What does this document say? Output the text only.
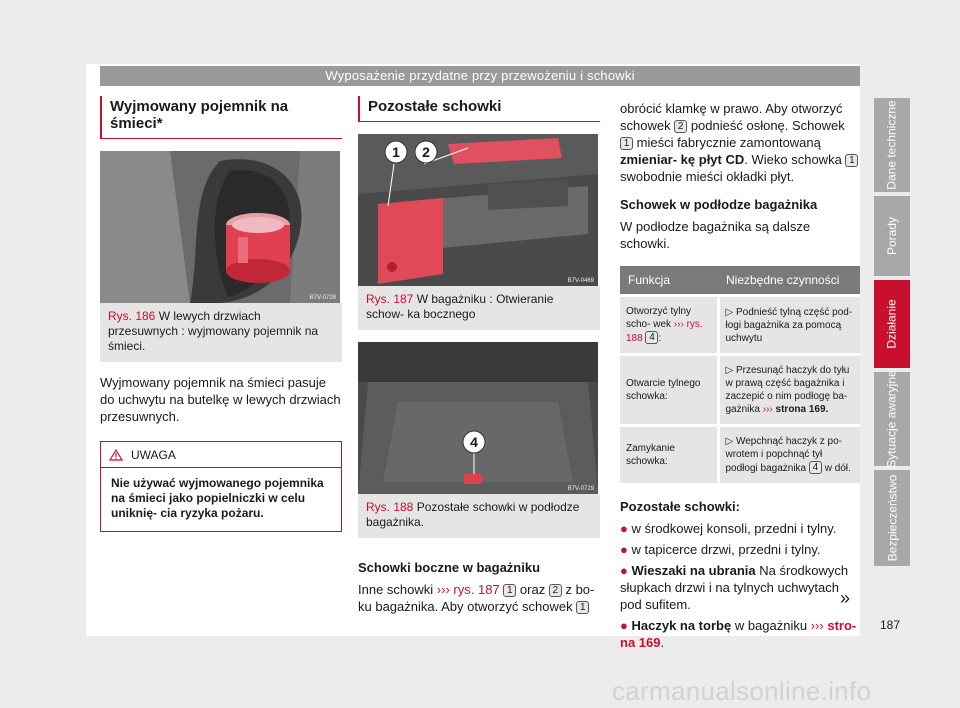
Wyposażenie przydatne przy przewożeniu i schowki
Wyjmowany pojemnik na śmieci*
B7V-0728
Rys. 186 W lewych drzwiach przesuwnych : wyjmowany pojemnik na śmieci.

Wyjmowany pojemnik na śmieci pasuje do uchwytu na butelkę w lewych drzwiach przesuwnych.

UWAGA
Nie używać wyjmowanego pojemnika na śmieci jako popielniczki w celu uniknię- cia ryzyka pożaru.
Pozostałe schowki
1 2
B7V-0469
Rys. 187 W bagażniku : Otwieranie schow- ka bocznego
4
B7V-0729
Rys. 188 Pozostałe schowki w podłodze bagażnika.
Schowki boczne w bagażniku

Inne schowki ››› rys. 187 1 oraz 2 z bo- ku bagażnika. Aby otworzyć schowek 1

obrócić klamkę w prawo. Aby otworzyć schowek 2 podnieść osłonę. Schowek 1 mieści fabrycznie zamontowaną zmieniar- kę płyt CD. Wieko schowka 1 swobodnie mieści okładki płyt.

Schowek w podłodze bagażnika

W podłodze bagażnika są dalsze schowki.

Funkcja	Niezbędne czynności
Otworzyć tylny scho- wek ››› rys. 188 4 :	▷ Podnieść tylną część pod- łogi bagażnika za pomocą uchwytu
Otwarcie tylnego schowka:	▷ Przesunąć haczyk do tyłu w prawą część bagażnika i zaczepić o nim podłogę ba- gażnika ››› strona 169.
Zamykanie schowka:	▷ Wepchnąć haczyk z po- wrotem i popchnąć tył podłogi bagażnika 4 w dół.
Pozostałe schowki:

● w środkowej konsoli, przedni i tylny.

● w tapicerce drzwi, przedni i tylny.

● Wieszaki na ubrania Na środkowych słupkach drzwi i na tylnych uchwytach pod sufitem.

● Haczyk na torbę w bagażniku ››› stro- na 169.

»
Dane techniczne
Porady
Działanie
Sytuacje awaryjne
Bezpieczeństwo
187
carmanualsonline.info
